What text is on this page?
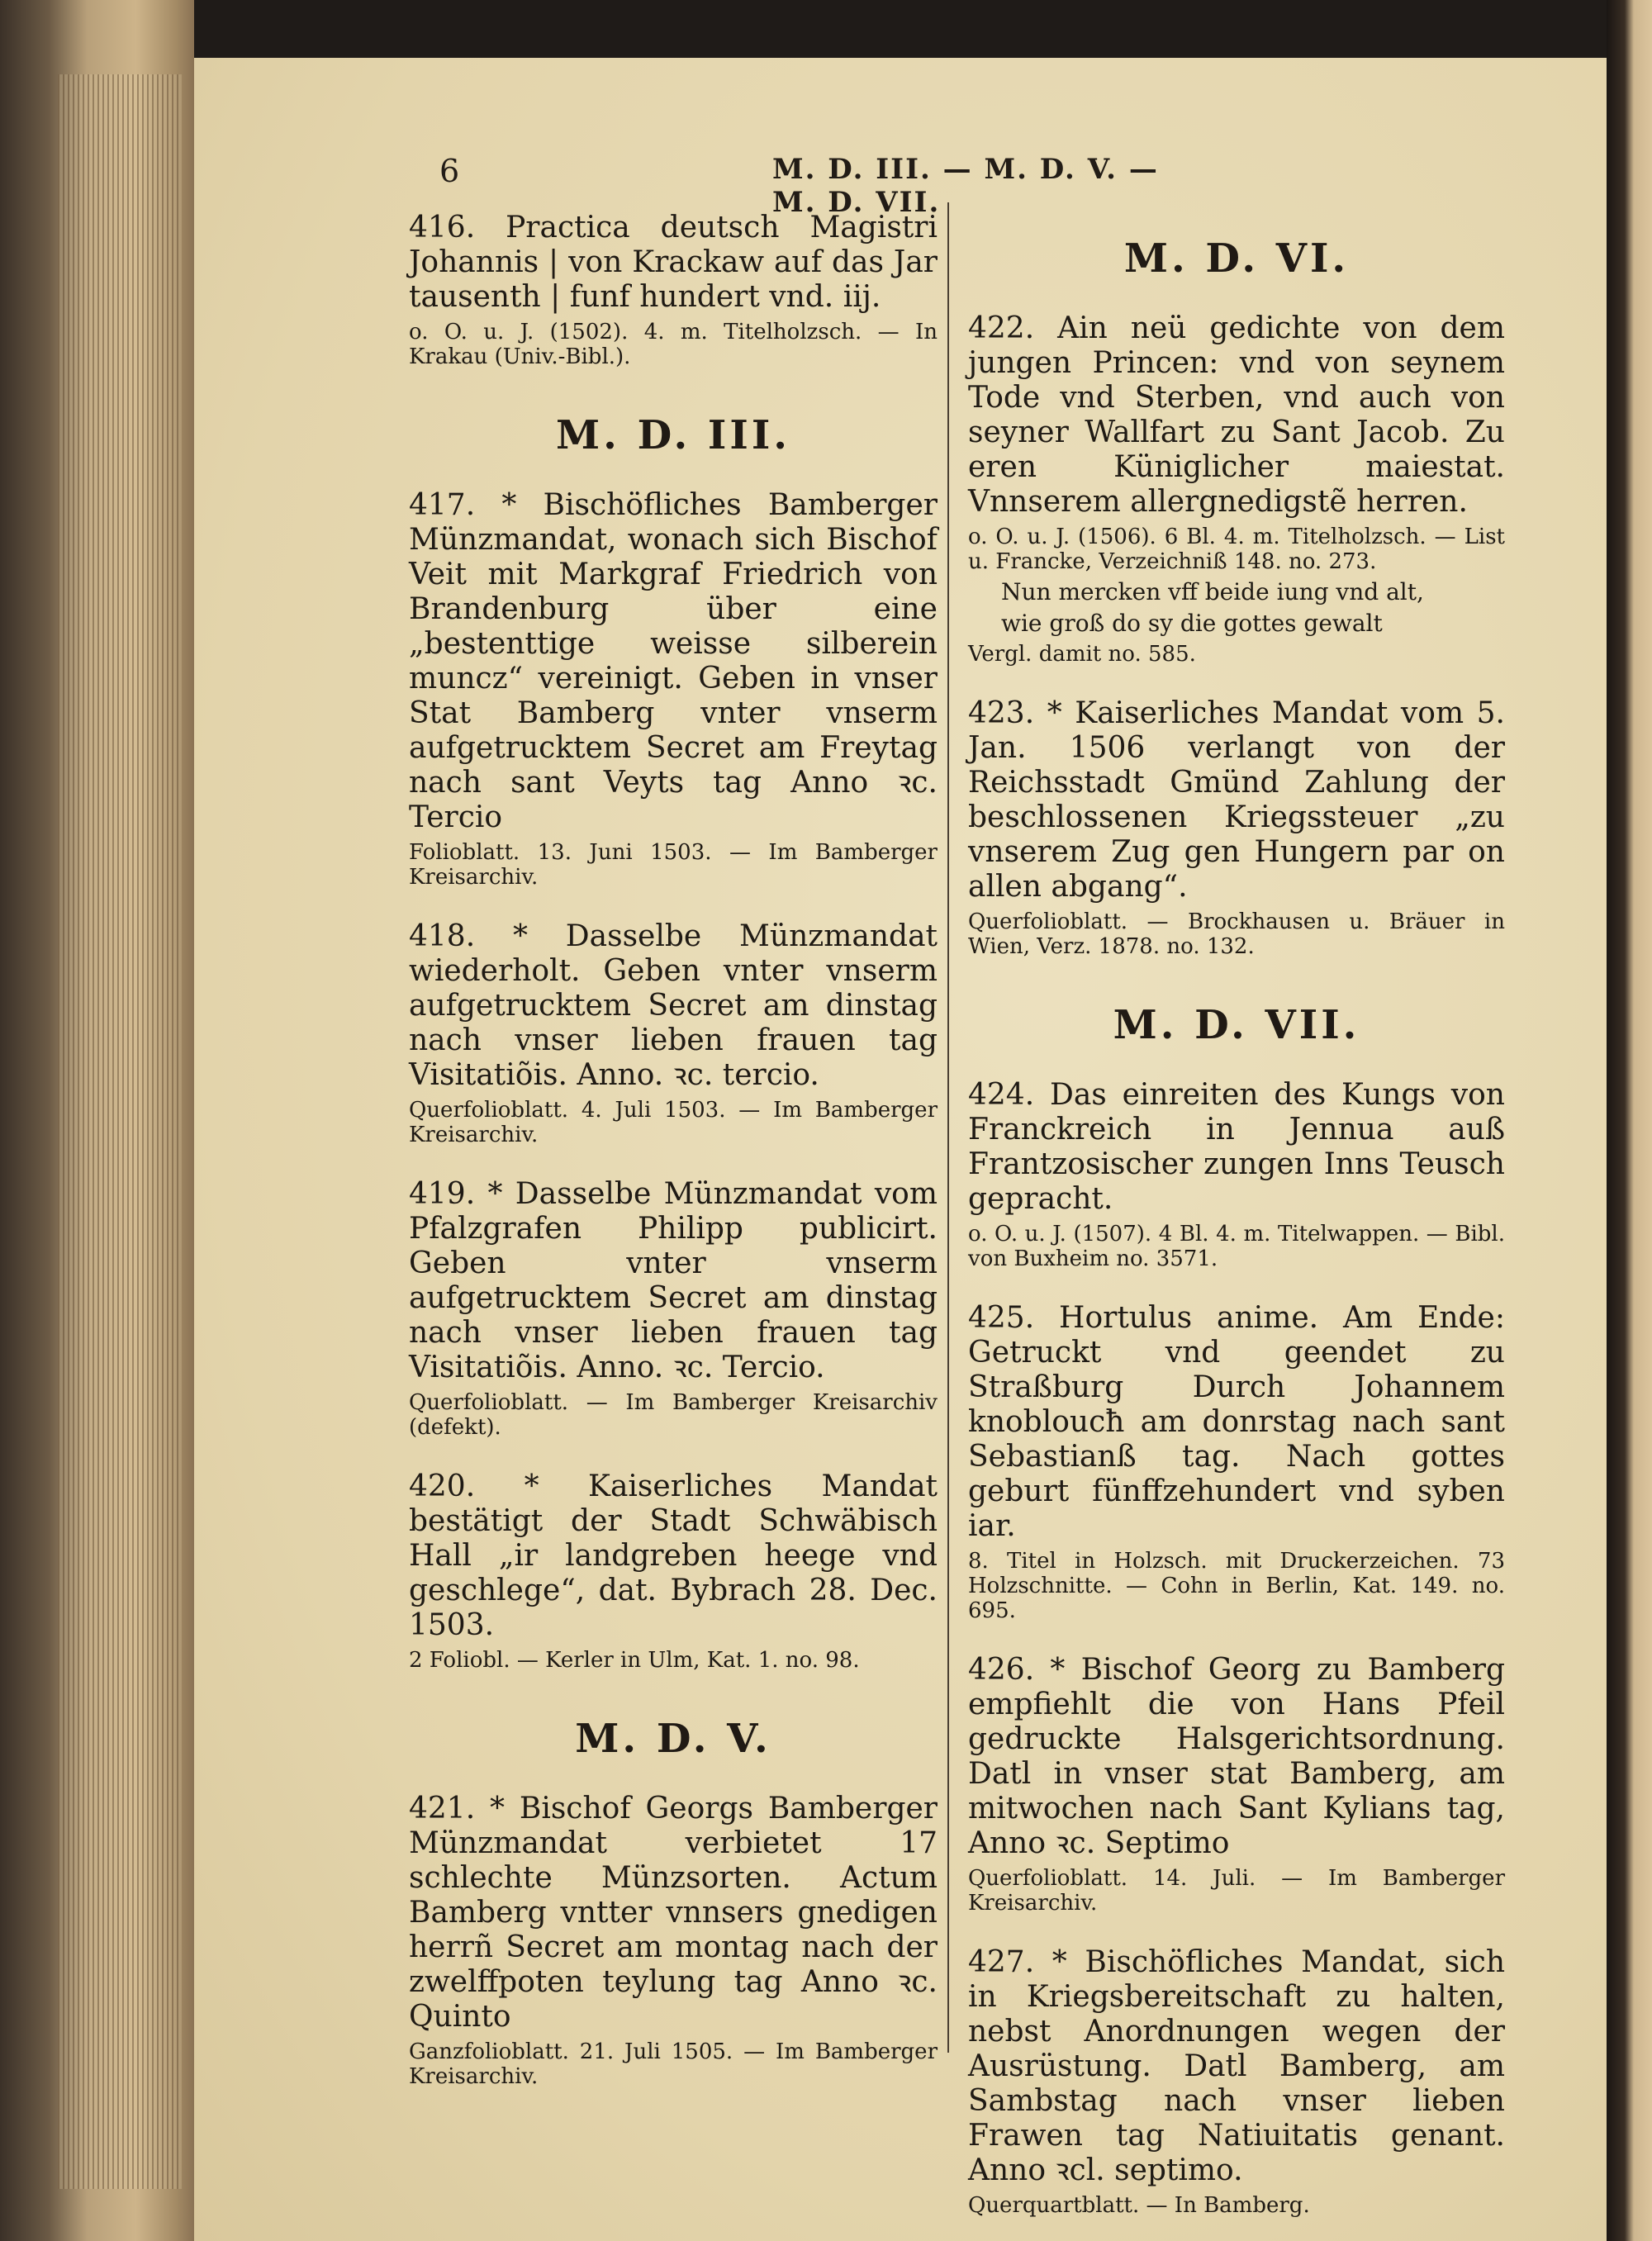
6	M. D. III. — M. D. V. — M. D. VII.

416. Practica deutsch Magistri Johannis | von Krackaw auf das Jar tausenth | funf hundert vnd. iij.

o. O. u. J. (1502). 4. m. Titelholzsch. — In Krakau (Univ.-Bibl.).

M. D. III.

417. * Bischöfliches Bamberger Münzmandat, wonach sich Bischof Veit mit Markgraf Friedrich von Brandenburg über eine „bestenttige weisse silberein muncz“ vereinigt. Geben in vnser Stat Bamberg vnter vnserm aufgetrucktem Secret am Freytag nach sant Veyts tag Anno ꝛc. Tercio

Folioblatt. 13. Juni 1503. — Im Bamberger Kreisarchiv.

418. * Dasselbe Münzmandat wiederholt. Geben vnter vnserm aufgetrucktem Secret am dinstag nach vnser lieben frauen tag Visitatiõis. Anno. ꝛc. tercio.

Querfolioblatt. 4. Juli 1503. — Im Bamberger Kreisarchiv.

419. * Dasselbe Münzmandat vom Pfalzgrafen Philipp publicirt. Geben vnter vnserm aufgetrucktem Secret am dinstag nach vnser lieben frauen tag Visitatiõis. Anno. ꝛc. Tercio.

Querfolioblatt. — Im Bamberger Kreisarchiv (defekt).

420. * Kaiserliches Mandat bestätigt der Stadt Schwäbisch Hall „ir landgreben heege vnd geschlege“, dat. Bybrach 28. Dec. 1503.

2 Foliobl. — Kerler in Ulm, Kat. 1. no. 98.

M. D. V.

421. * Bischof Georgs Bamberger Münzmandat verbietet 17 schlechte Münzsorten. Actum Bamberg vntter vnnsers gnedigen herrñ Secret am montag nach der zwelffpoten teylung tag Anno ꝛc. Quinto

Ganzfolioblatt. 21. Juli 1505. — Im Bamberger Kreisarchiv.

M. D. VI.

422. Ain neü gedichte von dem jungen Princen: vnd von seynem Tode vnd Sterben, vnd auch von seyner Wallfart zu Sant Jacob. Zu eren Küniglicher maiestat. Vnnserem allergnedigstẽ herren.

o. O. u. J. (1506). 6 Bl. 4. m. Titelholzsch. — List u. Francke, Verzeichniß 148. no. 273.

Nun mercken vff beide iung vnd alt,

wie groß do sy die gottes gewalt

Vergl. damit no. 585.

423. * Kaiserliches Mandat vom 5. Jan. 1506 verlangt von der Reichsstadt Gmünd Zahlung der beschlossenen Kriegssteuer „zu vnserem Zug gen Hungern par on allen abgang“.

Querfolioblatt. — Brockhausen u. Bräuer in Wien, Verz. 1878. no. 132.

M. D. VII.

424. Das einreiten des Kungs von Franckreich in Jennua auß Frantzosischer zungen Inns Teusch gepracht.

o. O. u. J. (1507). 4 Bl. 4. m. Titelwappen. — Bibl. von Buxheim no. 3571.

425. Hortulus anime. Am Ende: Getruckt vnd geendet zu Straßburg Durch Johannem knobloucħ am donrstag nach sant Sebastianß tag. Nach gottes geburt fünffzehundert vnd syben iar.

8. Titel in Holzsch. mit Druckerzeichen. 73 Holzschnitte. — Cohn in Berlin, Kat. 149. no. 695.

426. * Bischof Georg zu Bamberg empfiehlt die von Hans Pfeil gedruckte Halsgerichtsordnung. Datl in vnser stat Bamberg, am mitwochen nach Sant Kylians tag, Anno ꝛc. Septimo

Querfolioblatt. 14. Juli. — Im Bamberger Kreisarchiv.

427. * Bischöfliches Mandat, sich in Kriegsbereitschaft zu halten, nebst Anordnungen wegen der Ausrüstung. Datl Bamberg, am Sambstag nach vnser lieben Frawen tag Natiuitatis genant. Anno ꝛcl. septimo.

Querquartblatt. — In Bamberg.
